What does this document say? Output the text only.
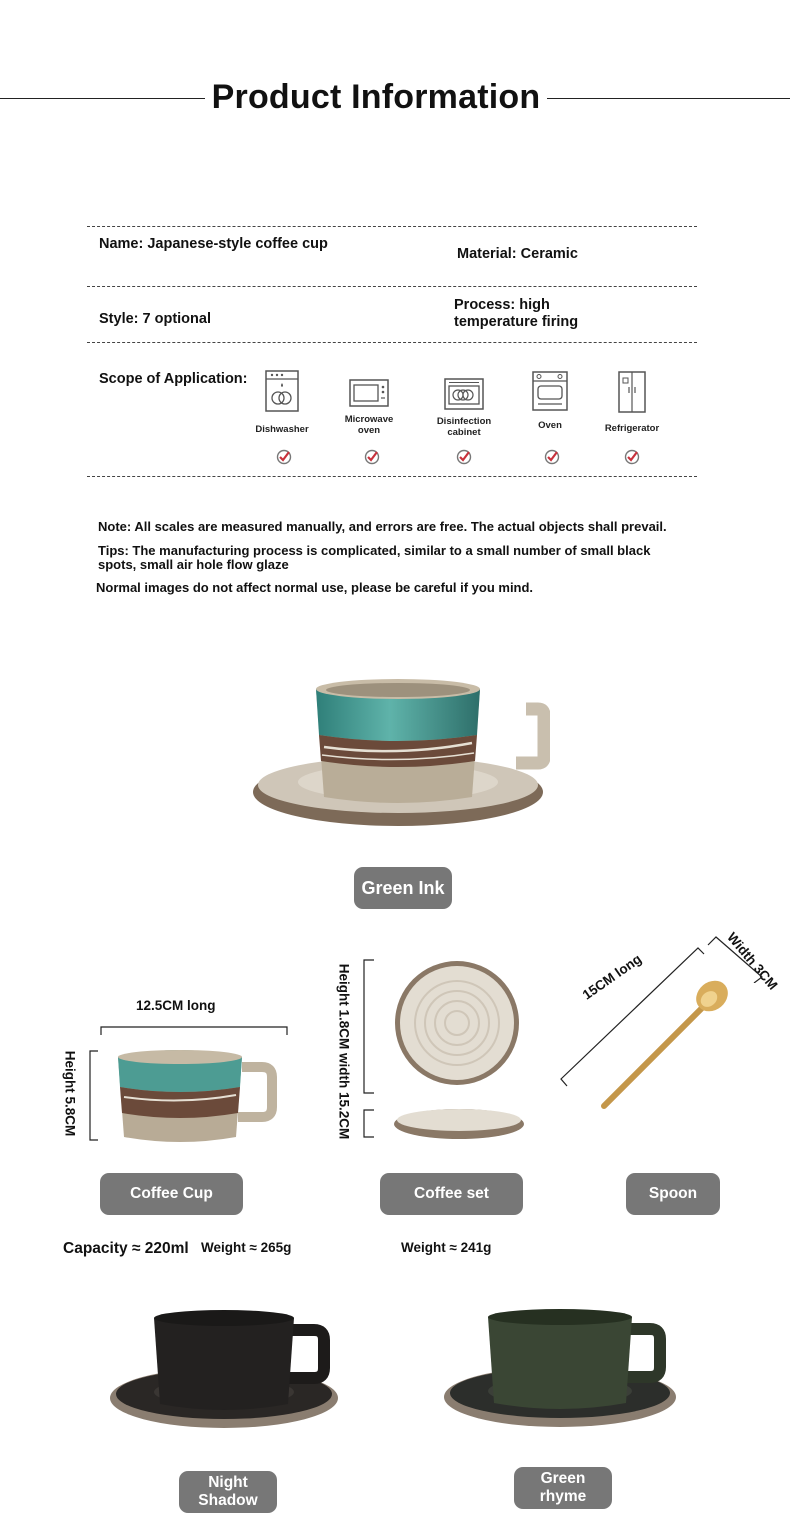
Product Information
Name: Japanese-style coffee cup
Material: Ceramic
Style: 7 optional
Process: high temperature firing
Scope of Application:
Dishwasher
Microwave oven
Disinfection cabinet
Oven	Refrigerator
Note: All scales are measured manually, and errors are free. The actual objects shall prevail.
Tips: The manufacturing process is complicated, similar to a small number of small black spots, small air hole flow glaze
Normal images do not affect normal use, please be careful if you mind.
Green Ink
12.5CM long
Height 5.8CM	Height 1.8CM width 15.2CM	15CM long	Width 3CM
Coffee Cup	Coffee set	Spoon
Capacity ≈ 220ml Weight ≈ 265g	Weight ≈ 241g
Night Shadow
Green rhyme
